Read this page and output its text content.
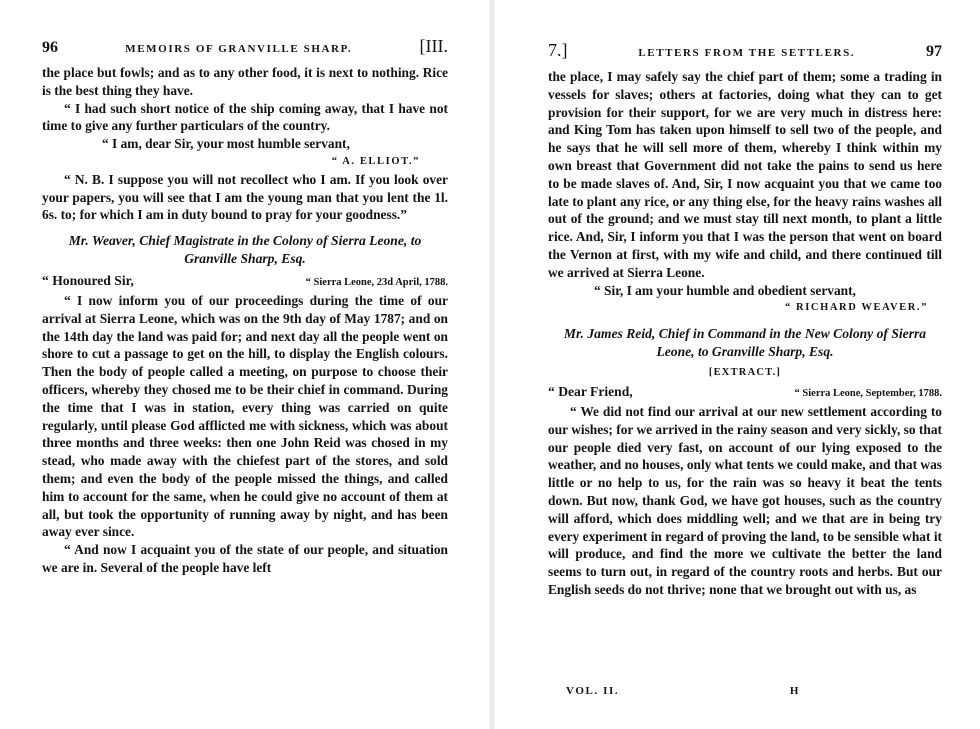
96	MEMOIRS OF GRANVILLE SHARP.	[III.

the place but fowls; and as to any other food, it is next to nothing. Rice is the best thing they have.

“ I had such short notice of the ship coming away, that I have not time to give any further particulars of the country.

“ I am, dear Sir, your most humble servant,

“ A. ELLIOT.”

“ N. B. I suppose you will not recollect who I am. If you look over your papers, you will see that I am the young man that you lent the 1l. 6s. to; for which I am in duty bound to pray for your goodness.”

Mr. Weaver, Chief Magistrate in the Colony of Sierra Leone, to Granville Sharp, Esq.
“ Honoured Sir,	“ Sierra Leone, 23d April, 1788.

“ I now inform you of our proceedings during the time of our arrival at Sierra Leone, which was on the 9th day of May 1787; and on the 14th day the land was paid for; and next day all the people went on shore to cut a passage to get on the hill, to display the English colours. Then the body of people called a meeting, on purpose to choose their officers, whereby they chosed me to be their chief in command. During the time that I was in station, every thing was carried on quite regularly, until please God afflicted me with sickness, which was about three months and three weeks: then one John Reid was chosed in my stead, who made away with the chiefest part of the stores, and sold them; and even the body of the people missed the things, and called him to account for the same, when he could give no account of them at all, but took the opportunity of running away by night, and has been away ever since.

“ And now I acquaint you of the state of our people, and situation we are in. Several of the people have left

7.]	LETTERS FROM THE SETTLERS.	97

the place, I may safely say the chief part of them; some a trading in vessels for slaves; others at factories, doing what they can to get provision for their support, for we are very much in distress here: and King Tom has taken upon himself to sell two of the people, and he says that he will sell more of them, whereby I think within my own breast that Government did not take the pains to send us here to be made slaves of. And, Sir, I now acquaint you that we came too late to plant any rice, or any thing else, for the heavy rains washes all out of the ground; and we must stay till next month, to plant a little rice. And, Sir, I inform you that I was the person that went on board the Vernon at first, with my wife and child, and there continued till we arrived at Sierra Leone.

“ Sir, I am your humble and obedient servant,

“ RICHARD WEAVER.”
Mr. James Reid, Chief in Command in the New Colony of Sierra Leone, to Granville Sharp, Esq.
[EXTRACT.]
“ Dear Friend,	“ Sierra Leone, September, 1788.

“ We did not find our arrival at our new settlement according to our wishes; for we arrived in the rainy season and very sickly, so that our people died very fast, on account of our lying exposed to the weather, and no houses, only what tents we could make, and that was little or no help to us, for the rain was so heavy it beat the tents down. But now, thank God, we have got houses, such as the country will afford, which does middling well; and we that are in being try every experiment in regard of proving the land, to be sensible what it will produce, and find the more we cultivate the better the land seems to turn out, in regard of the country roots and herbs. But our English seeds do not thrive; none that we brought out with us, as

VOL. II.	H
